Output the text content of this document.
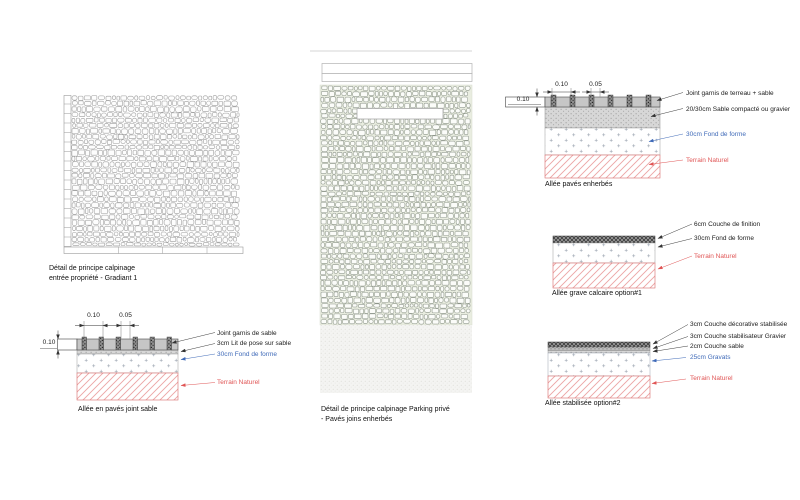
Détail de principe calpinage
entrée propriété - Gradiant 1
Détail de principe calpinage Parking privé
- Pavés joins enherbés
0.10	0.05
0.10
Joint garnis de terreau + sable
20/30cm Sable compacté ou gravier
30cm Fond de forme
Terrain Naturel
Allée pavés enherbés
6cm Couche de finition
30cm Fond de forme
Terrain Naturel
Allée grave calcaire option#1
3cm Couche décorative stabilisée
3cm Couche stabilisateur Gravier
2cm Couche sable
25cm Gravats
Terrain Naturel
Allée stabilisée option#2
0.10	0.05
0.10
Joint garnis de sable
3cm Lit de pose sur sable
30cm Fond de forme
Terrain Naturel
Allée en pavés joint sable
